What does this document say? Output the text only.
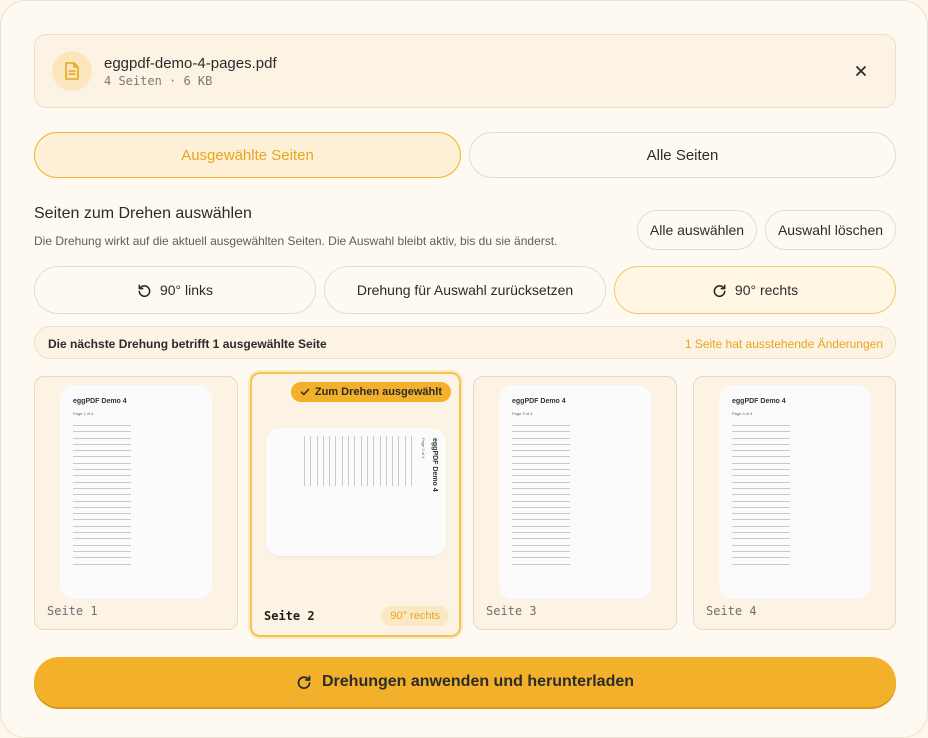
eggpdf-demo-4-pages.pdf
4 Seiten · 6 KB
Ausgewählte Seiten	Alle Seiten
Seiten zum Drehen auswählen
Die Drehung wirkt auf die aktuell ausgewählten Seiten. Die Auswahl bleibt aktiv, bis du sie änderst.
Alle auswählen	Auswahl löschen
90° links	Drehung für Auswahl zurücksetzen	90° rechts
Die nächste Drehung betrifft 1 ausgewählte Seite	1 Seite hat ausstehende Änderungen
eggPDF Demo 4
Page 1 of 4
Seite 1
Zum Drehen ausgewählt
eggPDF Demo 4
Page 2 of 4
Seite 2	90° rechts
eggPDF Demo 4
Page 3 of 4
Seite 3
eggPDF Demo 4
Page 4 of 4
Seite 4
Drehungen anwenden und herunterladen
